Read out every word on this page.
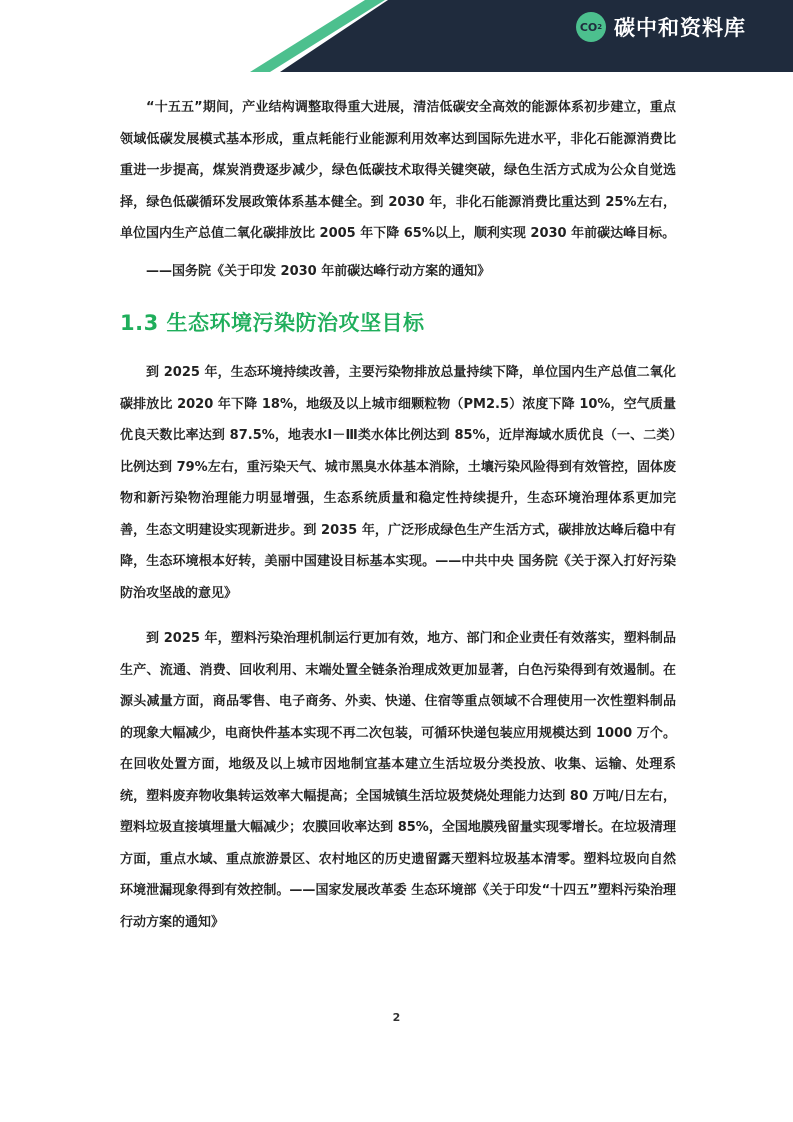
CO 2 碳中和资料库

“十五五”期间，产业结构调整取得重大进展，清洁低碳安全高效的能源体系初步建立，重点领域低碳发展模式基本形成，重点耗能行业能源利用效率达到国际先进水平，非化石能源消费比重进一步提高，煤炭消费逐步减少，绿色低碳技术取得关键突破，绿色生活方式成为公众自觉选择，绿色低碳循环发展政策体系基本健全。到 2030 年，非化石能源消费比重达到 25%左右，单位国内生产总值二氧化碳排放比 2005 年下降 65%以上，顺利实现 2030 年前碳达峰目标。

——国务院《关于印发 2030 年前碳达峰行动方案的通知》

1.3 生态环境污染防治攻坚目标

到 2025 年，生态环境持续改善，主要污染物排放总量持续下降，单位国内生产总值二氧化碳排放比 2020 年下降 18%，地级及以上城市细颗粒物（PM2.5）浓度下降 10%，空气质量优良天数比率达到 87.5%，地表水Ⅰ－Ⅲ类水体比例达到 85%，近岸海域水质优良（一、二类）比例达到 79%左右，重污染天气、城市黑臭水体基本消除，土壤污染风险得到有效管控，固体废物和新污染物治理能力明显增强，生态系统质量和稳定性持续提升，生态环境治理体系更加完善，生态文明建设实现新进步。到 2035 年，广泛形成绿色生产生活方式，碳排放达峰后稳中有降，生态环境根本好转，美丽中国建设目标基本实现。——中共中央 国务院《关于深入打好污染防治攻坚战的意见》

到 2025 年，塑料污染治理机制运行更加有效，地方、部门和企业责任有效落实，塑料制品生产、流通、消费、回收利用、末端处置全链条治理成效更加显著，白色污染得到有效遏制。在源头减量方面，商品零售、电子商务、外卖、快递、住宿等重点领域不合理使用一次性塑料制品的现象大幅减少，电商快件基本实现不再二次包装，可循环快递包装应用规模达到 1000 万个。在回收处置方面，地级及以上城市因地制宜基本建立生活垃圾分类投放、收集、运输、处理系统，塑料废弃物收集转运效率大幅提高；全国城镇生活垃圾焚烧处理能力达到 80 万吨/日左右，塑料垃圾直接填埋量大幅减少；农膜回收率达到 85%，全国地膜残留量实现零增长。在垃圾清理方面，重点水域、重点旅游景区、农村地区的历史遗留露天塑料垃圾基本清零。塑料垃圾向自然环境泄漏现象得到有效控制。——国家发展改革委 生态环境部《关于印发“十四五”塑料污染治理行动方案的通知》

2
